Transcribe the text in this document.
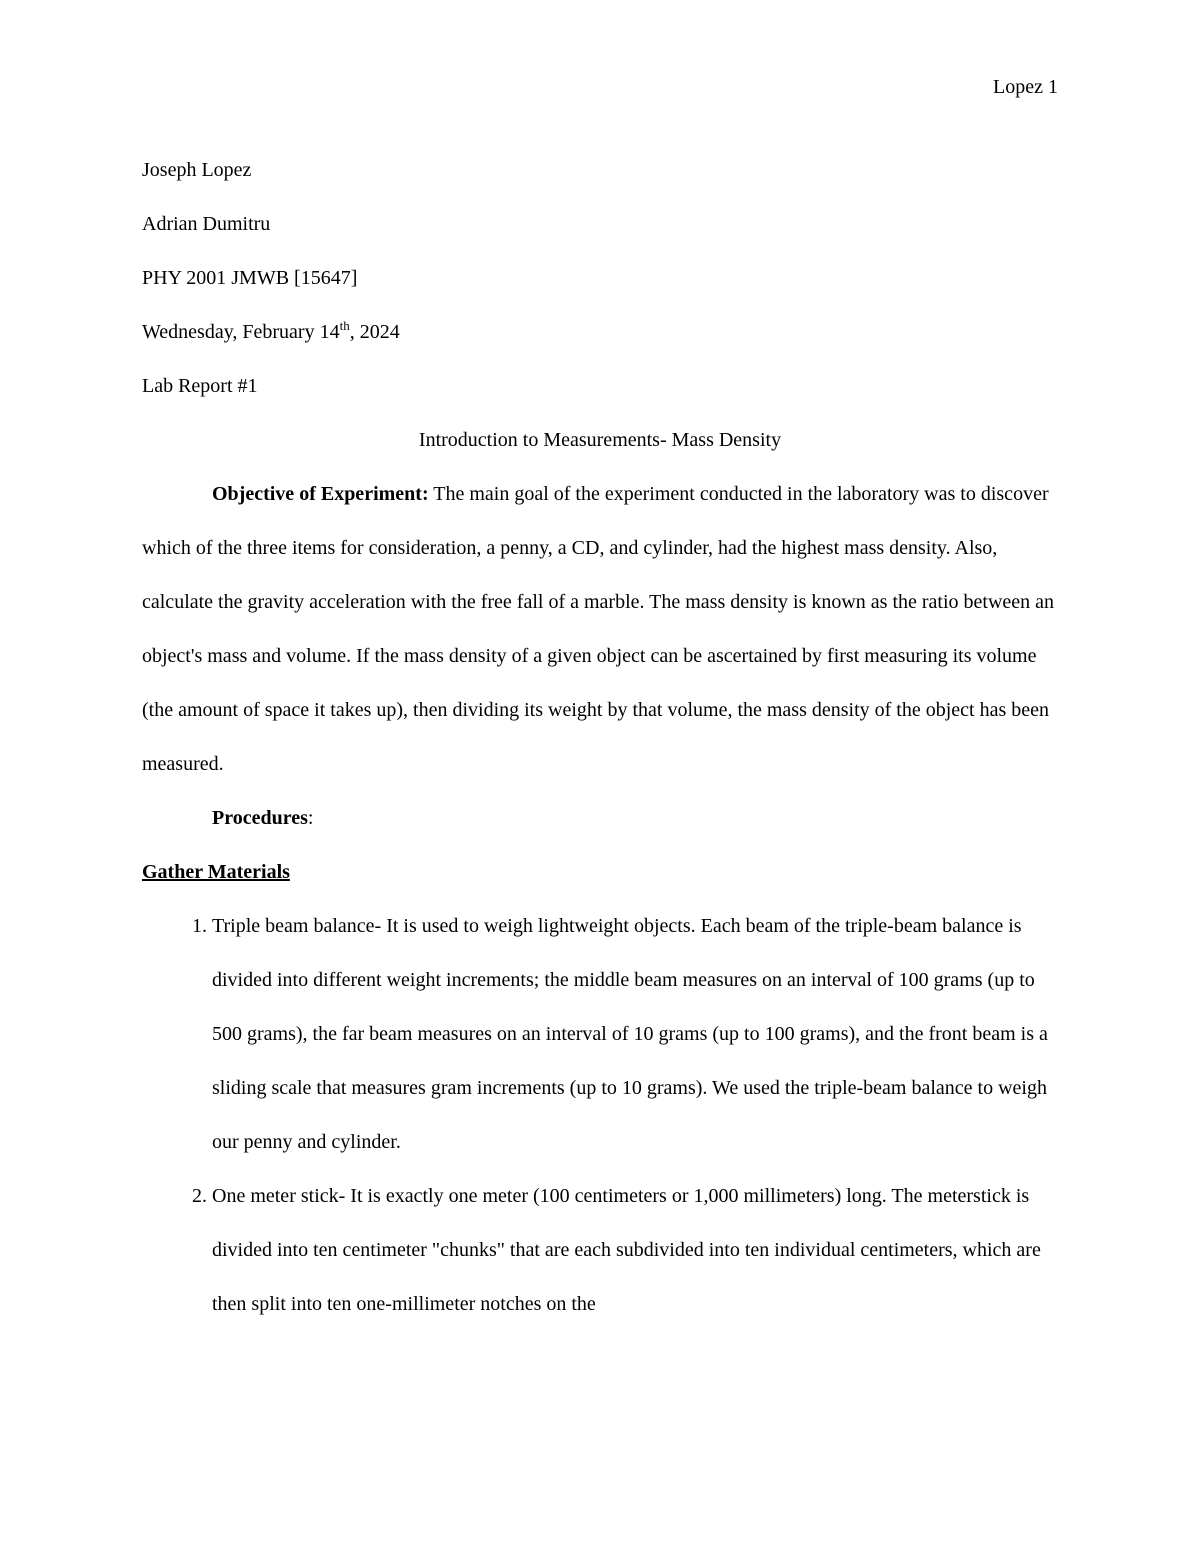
Lopez 1

Joseph Lopez

Adrian Dumitru

PHY 2001 JMWB [15647]

Wednesday, February 14th, 2024

Lab Report #1

Introduction to Measurements- Mass Density

Objective of Experiment: The main goal of the experiment conducted in the laboratory was to discover which of the three items for consideration, a penny, a CD, and cylinder, had the highest mass density. Also, calculate the gravity acceleration with the free fall of a marble. The mass density is known as the ratio between an object's mass and volume. If the mass density of a given object can be ascertained by first measuring its volume (the amount of space it takes up), then dividing its weight by that volume, the mass density of the object has been measured.

Procedures:

Gather Materials

1. Triple beam balance- It is used to weigh lightweight objects. Each beam of the triple-beam balance is divided into different weight increments; the middle beam measures on an interval of 100 grams (up to 500 grams), the far beam measures on an interval of 10 grams (up to 100 grams), and the front beam is a sliding scale that measures gram increments (up to 10 grams). We used the triple-beam balance to weigh our penny and cylinder.
2. One meter stick- It is exactly one meter (100 centimeters or 1,000 millimeters) long. The meterstick is divided into ten centimeter "chunks" that are each subdivided into ten individual centimeters, which are then split into ten one-millimeter notches on the
